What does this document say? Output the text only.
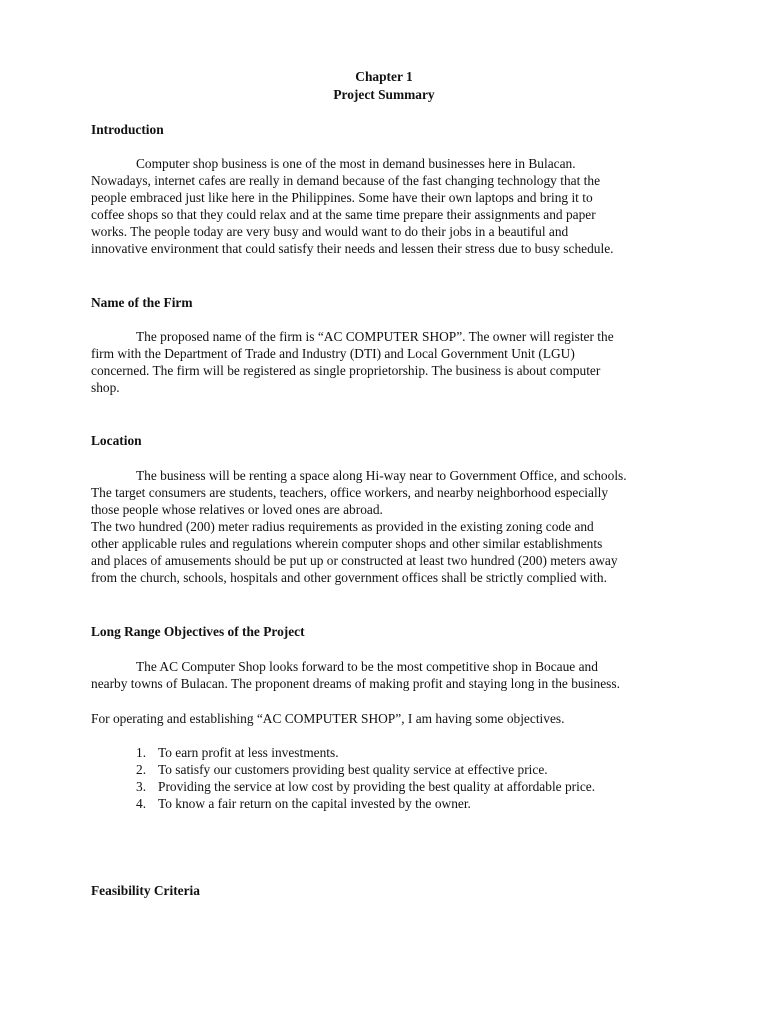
Chapter 1
Project Summary
Introduction
Computer shop business is one of the most in demand businesses here in Bulacan.
Nowadays, internet cafes are really in demand because of the fast changing technology that the
people embraced just like here in the Philippines. Some have their own laptops and bring it to
coffee shops so that they could relax and at the same time prepare their assignments and paper
works. The people today are very busy and would want to do their jobs in a beautiful and
innovative environment that could satisfy their needs and lessen their stress due to busy schedule.
Name of the Firm
The proposed name of the firm is “AC COMPUTER SHOP”. The owner will register the
firm with the Department of Trade and Industry (DTI) and Local Government Unit (LGU)
concerned. The firm will be registered as single proprietorship. The business is about computer
shop.
Location
The business will be renting a space along Hi-way near to Government Office, and schools.
The target consumers are students, teachers, office workers, and nearby neighborhood especially
those people whose relatives or loved ones are abroad.
The two hundred (200) meter radius requirements as provided in the existing zoning code and
other applicable rules and regulations wherein computer shops and other similar establishments
and places of amusements should be put up or constructed at least two hundred (200) meters away
from the church, schools, hospitals and other government offices shall be strictly complied with.
Long Range Objectives of the Project
The AC Computer Shop looks forward to be the most competitive shop in Bocaue and
nearby towns of Bulacan. The proponent dreams of making profit and staying long in the business.
For operating and establishing “AC COMPUTER SHOP”, I am having some objectives.
1. To earn profit at less investments.
2. To satisfy our customers providing best quality service at effective price.
3. Providing the service at low cost by providing the best quality at affordable price.
4. To know a fair return on the capital invested by the owner.
Feasibility Criteria
